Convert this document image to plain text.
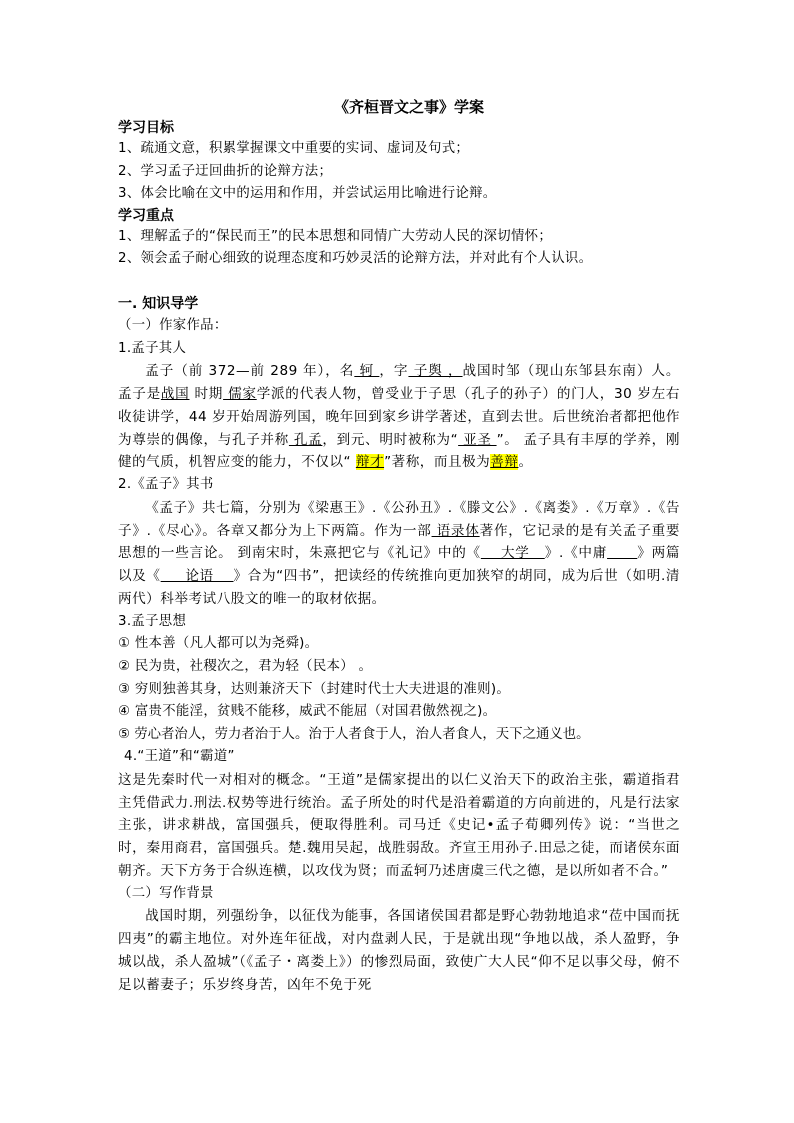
《齐桓晋文之事》学案
学习目标
1、疏通文意，积累掌握课文中重要的实词、虚词及句式；
2、学习孟子迂回曲折的论辩方法；
3、体会比喻在文中的运用和作用，并尝试运用比喻进行论辩。
学习重点
1、理解孟子的“保民而王”的民本思想和同情广大劳动人民的深切情怀；
2、领会孟子耐心细致的说理态度和巧妙灵活的论辩方法，并对此有个人认识。
一. 知识导学
（一）作家作品：
1.孟子其人
孟子（前 372—前 289 年），名 轲 ，字 子舆 ，战国时邹（现山东邹县东南）人。 孟子是战国 时期 儒家学派的代表人物，曾受业于子思（孔子的孙子）的门人，30 岁左右收徒讲学，44 岁开始周游列国，晚年回到家乡讲学著述，直到去世。后世统治者都把他作为尊崇的偶像，与孔子并称 孔孟，到元、明时被称为“ 亚圣 ”。 孟子具有丰厚的学养，刚健的气质，机智应变的能力，不仅以“ 辩才”著称，而且极为善辩。
2.《孟子》其书
《孟子》共七篇，分别为《梁惠王》.《公孙丑》.《滕文公》.《离娄》.《万章》.《告子》.《尽心》。各章又都分为上下两篇。作为一部 语录体著作，它记录的是有关孟子重要思想的一些言论。 到南宋时，朱熹把它与《礼记》中的《    大学   》.《中庸 》两篇以及《     论语    》合为“四书”，把读经的传统推向更加狭窄的胡同，成为后世（如明.清两代）科举考试八股文的唯一的取材依据。
3.孟子思想
① 性本善（凡人都可以为尧舜)。
② 民为贵，社稷次之，君为轻（民本） 。
③ 穷则独善其身，达则兼济天下（封建时代士大夫进退的准则)。
④ 富贵不能淫，贫贱不能移，威武不能屈（对国君傲然视之)。
⑤ 劳心者治人，劳力者治于人。治于人者食于人，治人者食人，天下之通义也。
4.“王道”和“霸道”
这是先秦时代一对相对的概念。“王道”是儒家提出的以仁义治天下的政治主张，霸道指君主凭借武力.刑法.权势等进行统治。孟子所处的时代是沿着霸道的方向前进的，凡是行法家主张，讲求耕战，富国强兵，便取得胜利。司马迁《史记•孟子荀卿列传》说：“当世之时，秦用商君，富国强兵。楚.魏用吴起，战胜弱敌。齐宣王用孙子.田忌之徒，而诸侯东面朝齐。天下方务于合纵连横，以攻伐为贤；而孟轲乃述唐虞三代之德，是以所如者不合。”
（二）写作背景
战国时期，列强纷争，以征伐为能事，各国诸侯国君都是野心勃勃地追求“莅中国而抚四夷”的霸主地位。对外连年征战，对内盘剥人民，于是就出现“争地以战，杀人盈野，争城以战，杀人盈城”（《孟子・离娄上》）的惨烈局面，致使广大人民“仰不足以事父母，俯不足以蓄妻子；乐岁终身苦，凶年不免于死
